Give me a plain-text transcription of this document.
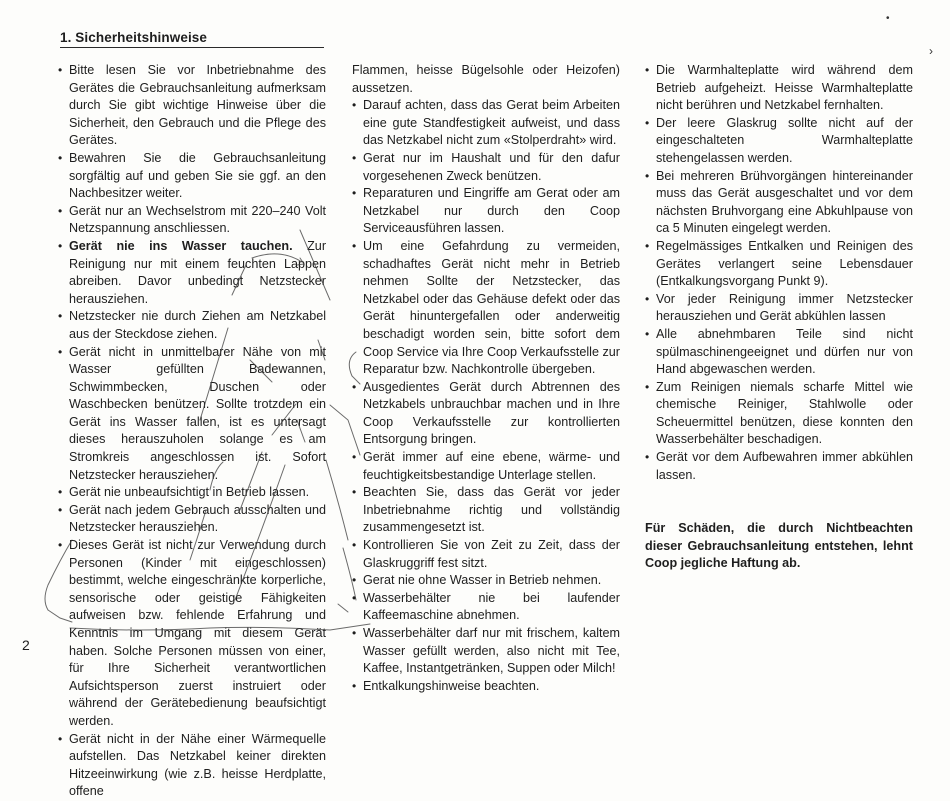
1. Sicherheitshinweise
•
›
• Bitte lesen Sie vor Inbetriebnahme des Gerätes die Gebrauchsanleitung aufmerksam durch Sie gibt wichtige Hinweise über die Sicherheit, den Gebrauch und die Pflege des Gerätes.
• Bewahren Sie die Gebrauchsanleitung sorgfältig auf und geben Sie sie ggf. an den Nachbesitzer weiter.
• Gerät nur an Wechselstrom mit 220–240 Volt Netzspannung anschliessen.
• Gerät nie ins Wasser tauchen. Zur Reinigung nur mit einem feuchten Lappen abreiben. Davor unbedingt Netzstecker herausziehen.
• Netzstecker nie durch Ziehen am Netzkabel aus der Steckdose ziehen.
• Gerät nicht in unmittelbarer Nähe von mit Wasser gefüllten Badewannen, Schwimmbecken, Duschen oder Waschbecken benützen. Sollte trotzdem ein Gerät ins Wasser fallen, ist es untersagt dieses herauszuholen solange es am Stromkreis angeschlossen ist. Sofort Netzstecker herausziehen.
• Gerät nie unbeaufsichtigt in Betrieb lassen.
• Gerät nach jedem Gebrauch ausschalten und Netzstecker herausziehen.
• Dieses Gerät ist nicht zur Verwendung durch Personen (Kinder mit eingeschlossen) bestimmt, welche eingeschränkte korperliche, sensorische oder geistige Fähigkeiten aufweisen bzw. fehlende Erfahrung und Kenntnis im Umgang mit diesem Gerät haben. Solche Personen müssen von einer, für Ihre Sicherheit verantwortlichen Aufsichtsperson zuerst instruiert oder während der Gerätebedienung beaufsichtigt werden.
• Gerät nicht in der Nähe einer Wärmequelle aufstellen. Das Netzkabel keiner direkten Hitzeeinwirkung (wie z.B. heisse Herdplatte, offene
Flammen, heisse Bügelsohle oder Heizofen) aussetzen.
• Darauf achten, dass das Gerat beim Arbeiten eine gute Standfestigkeit aufweist, und dass das Netzkabel nicht zum «Stolperdraht» wird.
• Gerat nur im Haushalt und für den dafur vorgesehenen Zweck benützen.
• Reparaturen und Eingriffe am Gerat oder am Netzkabel nur durch den Coop Serviceausführen lassen.
• Um eine Gefahrdung zu vermeiden, schadhaftes Gerät nicht mehr in Betrieb nehmen Sollte der Netzstecker, das Netzkabel oder das Gehäuse defekt oder das Gerät hinuntergefallen oder anderweitig beschadigt worden sein, bitte sofort dem Coop Service via Ihre Coop Verkaufsstelle zur Reparatur bzw. Nachkontrolle übergeben.
• Ausgedientes Gerät durch Abtrennen des Netzkabels unbrauchbar machen und in Ihre Coop Verkaufsstelle zur kontrollierten Entsorgung bringen.
• Gerät immer auf eine ebene, wärme- und feuchtigkeitsbestandige Unterlage stellen.
• Beachten Sie, dass das Gerät vor jeder Inbetriebnahme richtig und vollständig zusammengesetzt ist.
• Kontrollieren Sie von Zeit zu Zeit, dass der Glaskruggriff fest sitzt.
• Gerat nie ohne Wasser in Betrieb nehmen.
• Wasserbehälter nie bei laufender Kaffeemaschine abnehmen.
• Wasserbehälter darf nur mit frischem, kaltem Wasser gefüllt werden, also nicht mit Tee, Kaffee, Instantgetränken, Suppen oder Milch!
• Entkalkungshinweise beachten.
• Die Warmhalteplatte wird während dem Betrieb aufgeheizt. Heisse Warmhalteplatte nicht berühren und Netzkabel fernhalten.
• Der leere Glaskrug sollte nicht auf der eingeschalteten Warmhalteplatte stehengelassen werden.
• Bei mehreren Brühvorgängen hintereinander muss das Gerät ausgeschaltet und vor dem nächsten Bruhvorgang eine Abkuhlpause von ca 5 Minuten eingelegt werden.
• Regelmässiges Entkalken und Reinigen des Gerätes verlangert seine Lebensdauer (Entkalkungsvorgang Punkt 9).
• Vor jeder Reinigung immer Netzstecker herausziehen und Gerät abkühlen lassen
• Alle abnehmbaren Teile sind nicht spülmaschinengeeignet und dürfen nur von Hand abgewaschen werden.
• Zum Reinigen niemals scharfe Mittel wie chemische Reiniger, Stahlwolle oder Scheuermittel benützen, diese konnten den Wasserbehälter beschadigen.
• Gerät vor dem Aufbewahren immer abkühlen lassen.
Für Schäden, die durch Nichtbeachten dieser Gebrauchsanleitung entstehen, lehnt Coop jegliche Haftung ab.
2
